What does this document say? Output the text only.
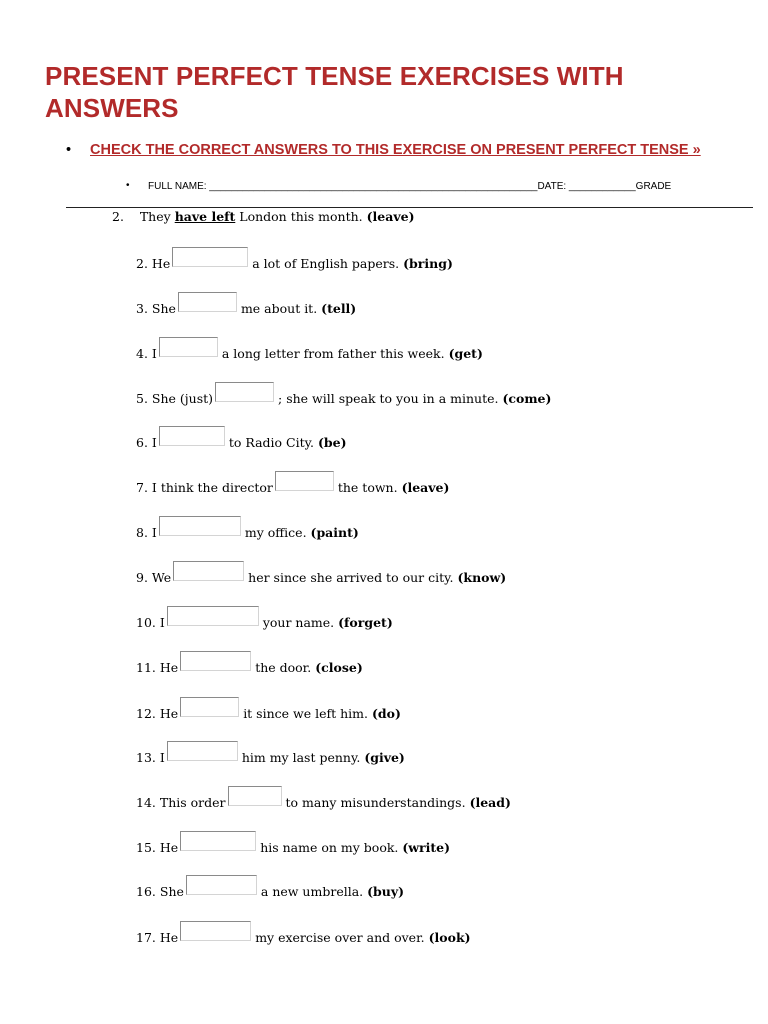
PRESENT PERFECT TENSE EXERCISES WITH ANSWERS
• CHECK THE CORRECT ANSWERS TO THIS EXERCISE ON PRESENT PERFECT TENSE »
• FULL NAME: ___________________________________________________________DATE: ____________GRADE
2. They have left London this month. (leave)
2. He	a lot of English papers. (bring)
3. She	me about it. (tell)
4. I	a long letter from father this week. (get)
5. She (just)	; she will speak to you in a minute. (come)
6. I	to Radio City. (be)
7. I think the director	the town. (leave)
8. I	my office. (paint)
9. We	her since she arrived to our city. (know)
10. I	your name. (forget)
11. He	the door. (close)
12. He	it since we left him. (do)
13. I	him my last penny. (give)
14. This order	to many misunderstandings. (lead)
15. He	his name on my book. (write)
16. She	a new umbrella. (buy)
17. He	my exercise over and over. (look)
